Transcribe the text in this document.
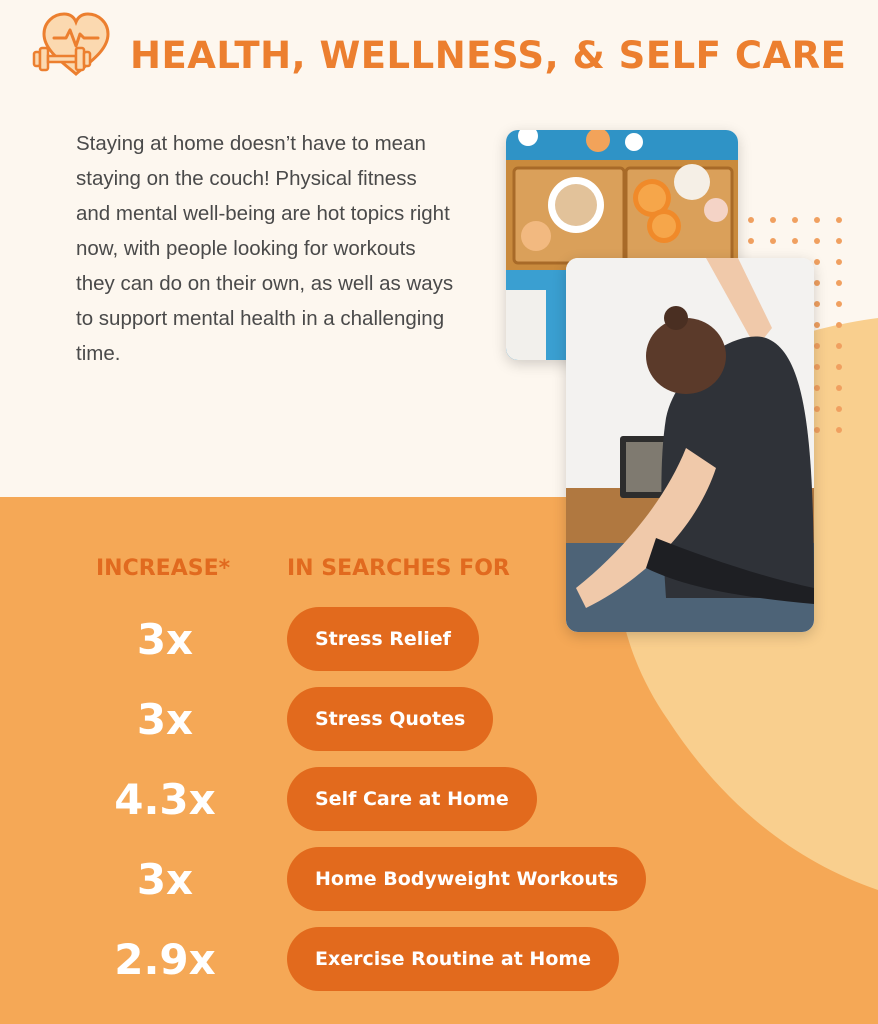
HEALTH, WELLNESS, & SELF CARE

Staying at home doesn’t have to mean staying on the couch! Physical fitness and mental well-being are hot topics right now, with people looking for workouts they can do on their own, as well as ways to support mental health in a challenging time.

INCREASE*	IN SEARCHES FOR
3x	Stress Relief
3x	Stress Quotes
4.3x	Self Care at Home
3x	Home Bodyweight Workouts
2.9x	Exercise Routine at Home
